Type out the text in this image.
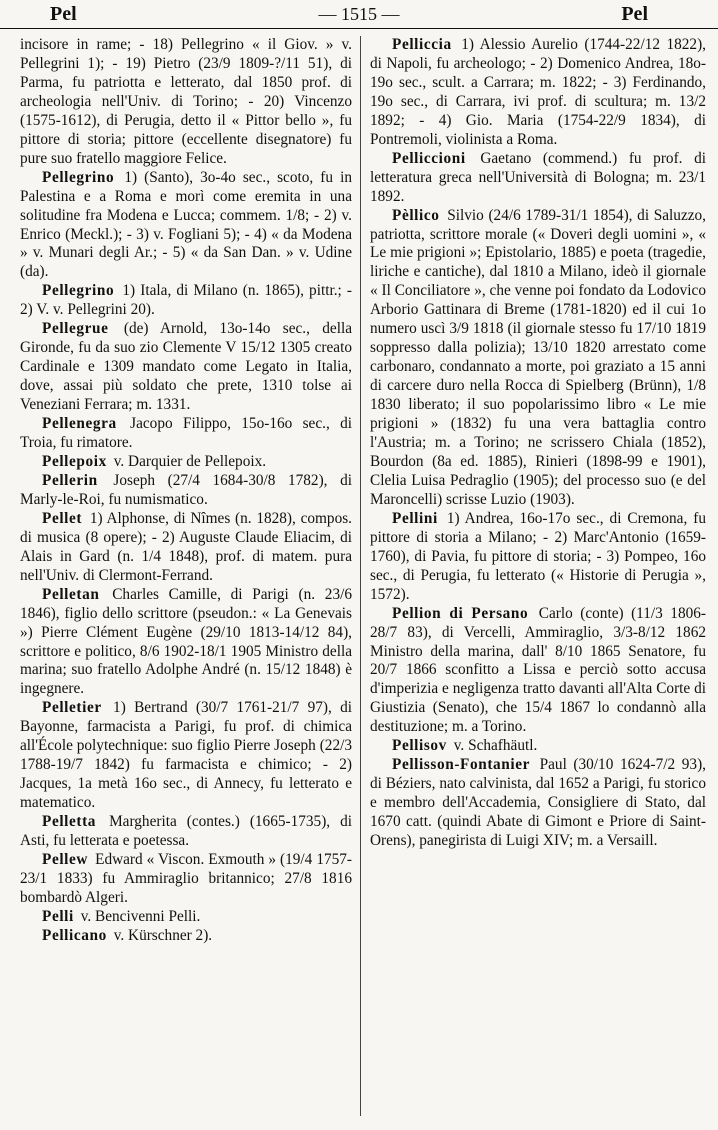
Pel	— 1515 —	Pel

incisore in rame; - 18) Pellegrino « il Giov. » v. Pellegrini 1); - 19) Pietro (23/9 1809-?/11 51), di Parma, fu patriotta e letterato, dal 1850 prof. di archeologia nell'Univ. di Torino; - 20) Vincenzo (1575-1612), di Perugia, detto il « Pittor bello », fu pittore di storia; pittore (eccellente disegnatore) fu pure suo fratello maggiore Felice.

Pellegrino 1) (Santo), 3o-4o sec., scoto, fu in Palestina e a Roma e morì come eremita in una solitudine fra Modena e Lucca; commem. 1/8; - 2) v. Enrico (Meckl.); - 3) v. Fogliani 5); - 4) « da Modena » v. Munari degli Ar.; - 5) « da San Dan. » v. Udine (da).

Pellegrino 1) Itala, di Milano (n. 1865), pittr.; - 2) V. v. Pellegrini 20).

Pellegrue (de) Arnold, 13o-14o sec., della Gironde, fu da suo zio Clemente V 15/12 1305 creato Cardinale e 1309 mandato come Legato in Italia, dove, assai più soldato che prete, 1310 tolse ai Veneziani Ferrara; m. 1331.

Pellenegra Jacopo Filippo, 15o-16o sec., di Troia, fu rimatore.

Pellepoix v. Darquier de Pellepoix.

Pellerin Joseph (27/4 1684-30/8 1782), di Marly-le-Roi, fu numismatico.

Pellet 1) Alphonse, di Nîmes (n. 1828), compos. di musica (8 opere); - 2) Auguste Claude Eliacim, di Alais in Gard (n. 1/4 1848), prof. di matem. pura nell'Univ. di Clermont-Ferrand.

Pelletan Charles Camille, di Parigi (n. 23/6 1846), figlio dello scrittore (pseudon.: « La Genevais ») Pierre Clément Eugène (29/10 1813-14/12 84), scrittore e politico, 8/6 1902-18/1 1905 Ministro della marina; suo fratello Adolphe André (n. 15/12 1848) è ingegnere.

Pelletier 1) Bertrand (30/7 1761-21/7 97), di Bayonne, farmacista a Parigi, fu prof. di chimica all'École polytechnique: suo figlio Pierre Joseph (22/3 1788-19/7 1842) fu farmacista e chimico; - 2) Jacques, 1a metà 16o sec., di Annecy, fu letterato e matematico.

Pelletta Margherita (contes.) (1665-1735), di Asti, fu letterata e poetessa.

Pellew Edward « Viscon. Exmouth » (19/4 1757-23/1 1833) fu Ammiraglio britannico; 27/8 1816 bombardò Algeri.

Pelli v. Bencivenni Pelli.

Pellicano v. Kürschner 2).

Pelliccia 1) Alessio Aurelio (1744-22/12 1822), di Napoli, fu archeologo; - 2) Domenico Andrea, 18o-19o sec., scult. a Carrara; m. 1822; - 3) Ferdinando, 19o sec., di Carrara, ivi prof. di scultura; m. 13/2 1892; - 4) Gio. Maria (1754-22/9 1834), di Pontremoli, violinista a Roma.

Pelliccioni Gaetano (commend.) fu prof. di letteratura greca nell'Università di Bologna; m. 23/1 1892.

Pèllico Silvio (24/6 1789-31/1 1854), di Saluzzo, patriotta, scrittore morale (« Doveri degli uomini », « Le mie prigioni »; Epistolario, 1885) e poeta (tragedie, liriche e cantiche), dal 1810 a Milano, ideò il giornale « Il Conciliatore », che venne poi fondato da Lodovico Arborio Gattinara di Breme (1781-1820) ed il cui 1o numero uscì 3/9 1818 (il giornale stesso fu 17/10 1819 soppresso dalla polizia); 13/10 1820 arrestato come carbonaro, condannato a morte, poi graziato a 15 anni di carcere duro nella Rocca di Spielberg (Brünn), 1/8 1830 liberato; il suo popolarissimo libro « Le mie prigioni » (1832) fu una vera battaglia contro l'Austria; m. a Torino; ne scrissero Chiala (1852), Bourdon (8a ed. 1885), Rinieri (1898-99 e 1901), Clelia Luisa Pedraglio (1905); del processo suo (e del Maroncelli) scrisse Luzio (1903).

Pellini 1) Andrea, 16o-17o sec., di Cremona, fu pittore di storia a Milano; - 2) Marc'Antonio (1659-1760), di Pavia, fu pittore di storia; - 3) Pompeo, 16o sec., di Perugia, fu letterato (« Historie di Perugia », 1572).

Pellion di Persano Carlo (conte) (11/3 1806-28/7 83), di Vercelli, Ammiraglio, 3/3-8/12 1862 Ministro della marina, dall' 8/10 1865 Senatore, fu 20/7 1866 sconfitto a Lissa e perciò sotto accusa d'imperizia e negligenza tratto davanti all'Alta Corte di Giustizia (Senato), che 15/4 1867 lo condannò alla destituzione; m. a Torino.

Pellisov v. Schafhäutl.

Pellisson-Fontanier Paul (30/10 1624-7/2 93), di Béziers, nato calvinista, dal 1652 a Parigi, fu storico e membro dell'Accademia, Consigliere di Stato, dal 1670 catt. (quindi Abate di Gimont e Priore di Saint-Orens), panegirista di Luigi XIV; m. a Versaill.
